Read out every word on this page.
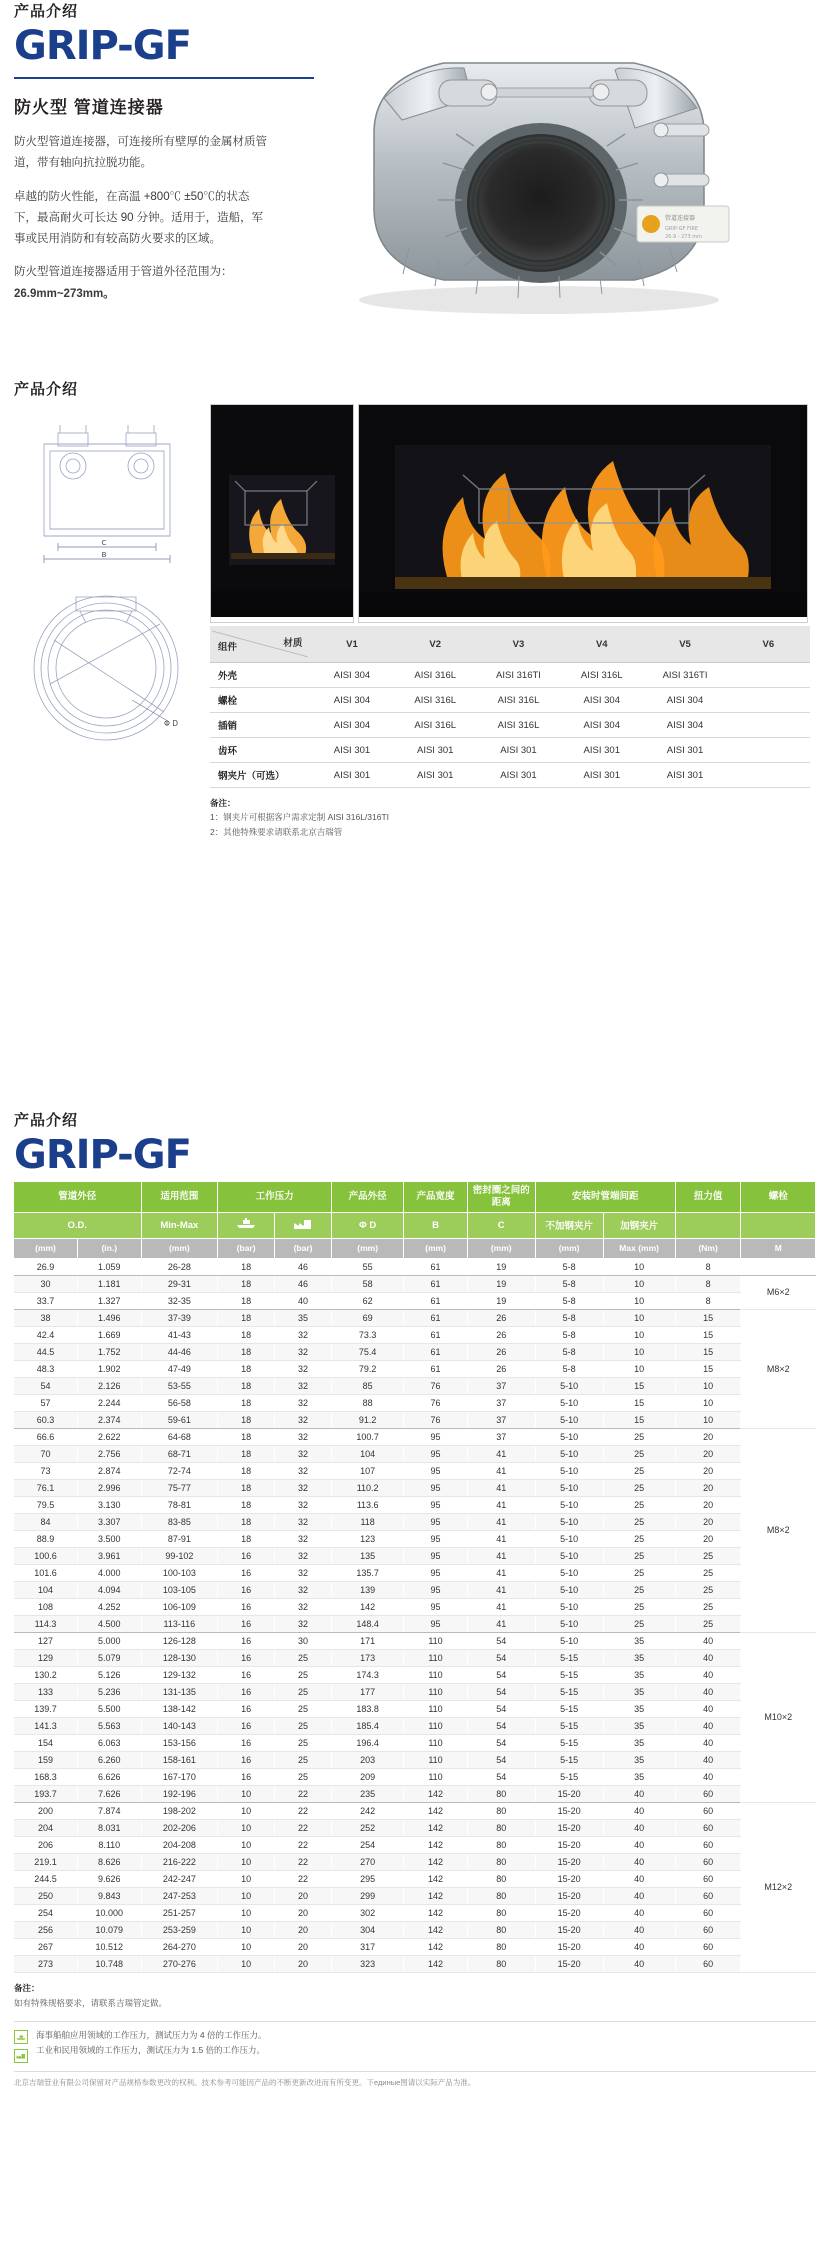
产品介绍
GRIP-GF
防火型 管道连接器
防火型管道连接器，可连接所有壁厚的金属材质管道，带有轴向抗拉脱功能。
卓越的防火性能，在高温 +800℃ ±50℃的状态下，最高耐火可长达 90 分钟。适用于，造船，军事或民用消防和有较高防火要求的区域。
防火型管道连接器适用于管道外径范围为：
26.9mm~273mm。
管道连接器
GRIP-GF FIRE
26.9 - 273 mm
产品介绍
C
B
Φ D
材质
组件	V1	V2	V3	V4	V5	V6
外壳	AISI 304	AISI 316L	AISI 316TI	AISI 316L	AISI 316TI	
螺栓	AISI 304	AISI 316L	AISI 316L	AISI 304	AISI 304	
插销	AISI 304	AISI 316L	AISI 316L	AISI 304	AISI 304	
齿环	AISI 301	AISI 301	AISI 301	AISI 301	AISI 301	
钢夹片（可选）	AISI 301	AISI 301	AISI 301	AISI 301	AISI 301	
备注：
1：钢夹片可根据客户需求定制 AISI 316L/316TI
2：其他特殊要求请联系北京吉瑞管
产品介绍
GRIP-GF
管道外径		适用范围	工作压力		产品外径	产品宽度	密封圈之间的距离	安装时管端间距		扭力值	螺栓
O.D.		Min-Max			Φ D	B	C	不加钢夹片	加钢夹片		
(mm)	(in.)	(mm)	(bar)	(bar)	(mm)	(mm)	(mm)	(mm)	Max (mm)	(Nm)	M
26.9	1.059	26-28	18	46	55	61	19	5-8	10	8	
30	1.181	29-31	18	46	58	61	19	5-8	10	8	M6×2
33.7	1.327	32-35	18	40	62	61	19	5-8	10	8	
38	1.496	37-39	18	35	69	61	26	5-8	10	15	M8×2
42.4	1.669	41-43	18	32	73.3	61	26	5-8	10	15	
44.5	1.752	44-46	18	32	75.4	61	26	5-8	10	15	
48.3	1.902	47-49	18	32	79.2	61	26	5-8	10	15	
54	2.126	53-55	18	32	85	76	37	5-10	15	10	
57	2.244	56-58	18	32	88	76	37	5-10	15	10	
60.3	2.374	59-61	18	32	91.2	76	37	5-10	15	10	
66.6	2.622	64-68	18	32	100.7	95	37	5-10	25	20	M8×2
70	2.756	68-71	18	32	104	95	41	5-10	25	20	
73	2.874	72-74	18	32	107	95	41	5-10	25	20	
76.1	2.996	75-77	18	32	110.2	95	41	5-10	25	20	
79.5	3.130	78-81	18	32	113.6	95	41	5-10	25	20	
84	3.307	83-85	18	32	118	95	41	5-10	25	20	
88.9	3.500	87-91	18	32	123	95	41	5-10	25	20	
100.6	3.961	99-102	16	32	135	95	41	5-10	25	25	
101.6	4.000	100-103	16	32	135.7	95	41	5-10	25	25	
104	4.094	103-105	16	32	139	95	41	5-10	25	25	
108	4.252	106-109	16	32	142	95	41	5-10	25	25	
114.3	4.500	113-116	16	32	148.4	95	41	5-10	25	25	
127	5.000	126-128	16	30	171	110	54	5-10	35	40	M10×2
129	5.079	128-130	16	25	173	110	54	5-15	35	40	
130.2	5.126	129-132	16	25	174.3	110	54	5-15	35	40	
133	5.236	131-135	16	25	177	110	54	5-15	35	40	
139.7	5.500	138-142	16	25	183.8	110	54	5-15	35	40	
141.3	5.563	140-143	16	25	185.4	110	54	5-15	35	40	
154	6.063	153-156	16	25	196.4	110	54	5-15	35	40	
159	6.260	158-161	16	25	203	110	54	5-15	35	40	
168.3	6.626	167-170	16	25	209	110	54	5-15	35	40	
193.7	7.626	192-196	10	22	235	142	80	15-20	40	60	
200	7.874	198-202	10	22	242	142	80	15-20	40	60	M12×2
204	8.031	202-206	10	22	252	142	80	15-20	40	60	
206	8.110	204-208	10	22	254	142	80	15-20	40	60	
219.1	8.626	216-222	10	22	270	142	80	15-20	40	60	
244.5	9.626	242-247	10	22	295	142	80	15-20	40	60	
250	9.843	247-253	10	20	299	142	80	15-20	40	60	
254	10.000	251-257	10	20	302	142	80	15-20	40	60	
256	10.079	253-259	10	20	304	142	80	15-20	40	60	
267	10.512	264-270	10	20	317	142	80	15-20	40	60	
273	10.748	270-276	10	20	323	142	80	15-20	40	60	
备注：
如有特殊规格要求，请联系吉瑞管定做。
海事船舶应用领域的工作压力，测试压力为 4 倍的工作压力。
工业和民用领域的工作压力，测试压力为 1.5 倍的工作压力。
北京吉瑞管业有限公司保留对产品规格参数更改的权利。技术参考可能因产品的不断更新改进而有所变更。下единые图请以实际产品为准。
